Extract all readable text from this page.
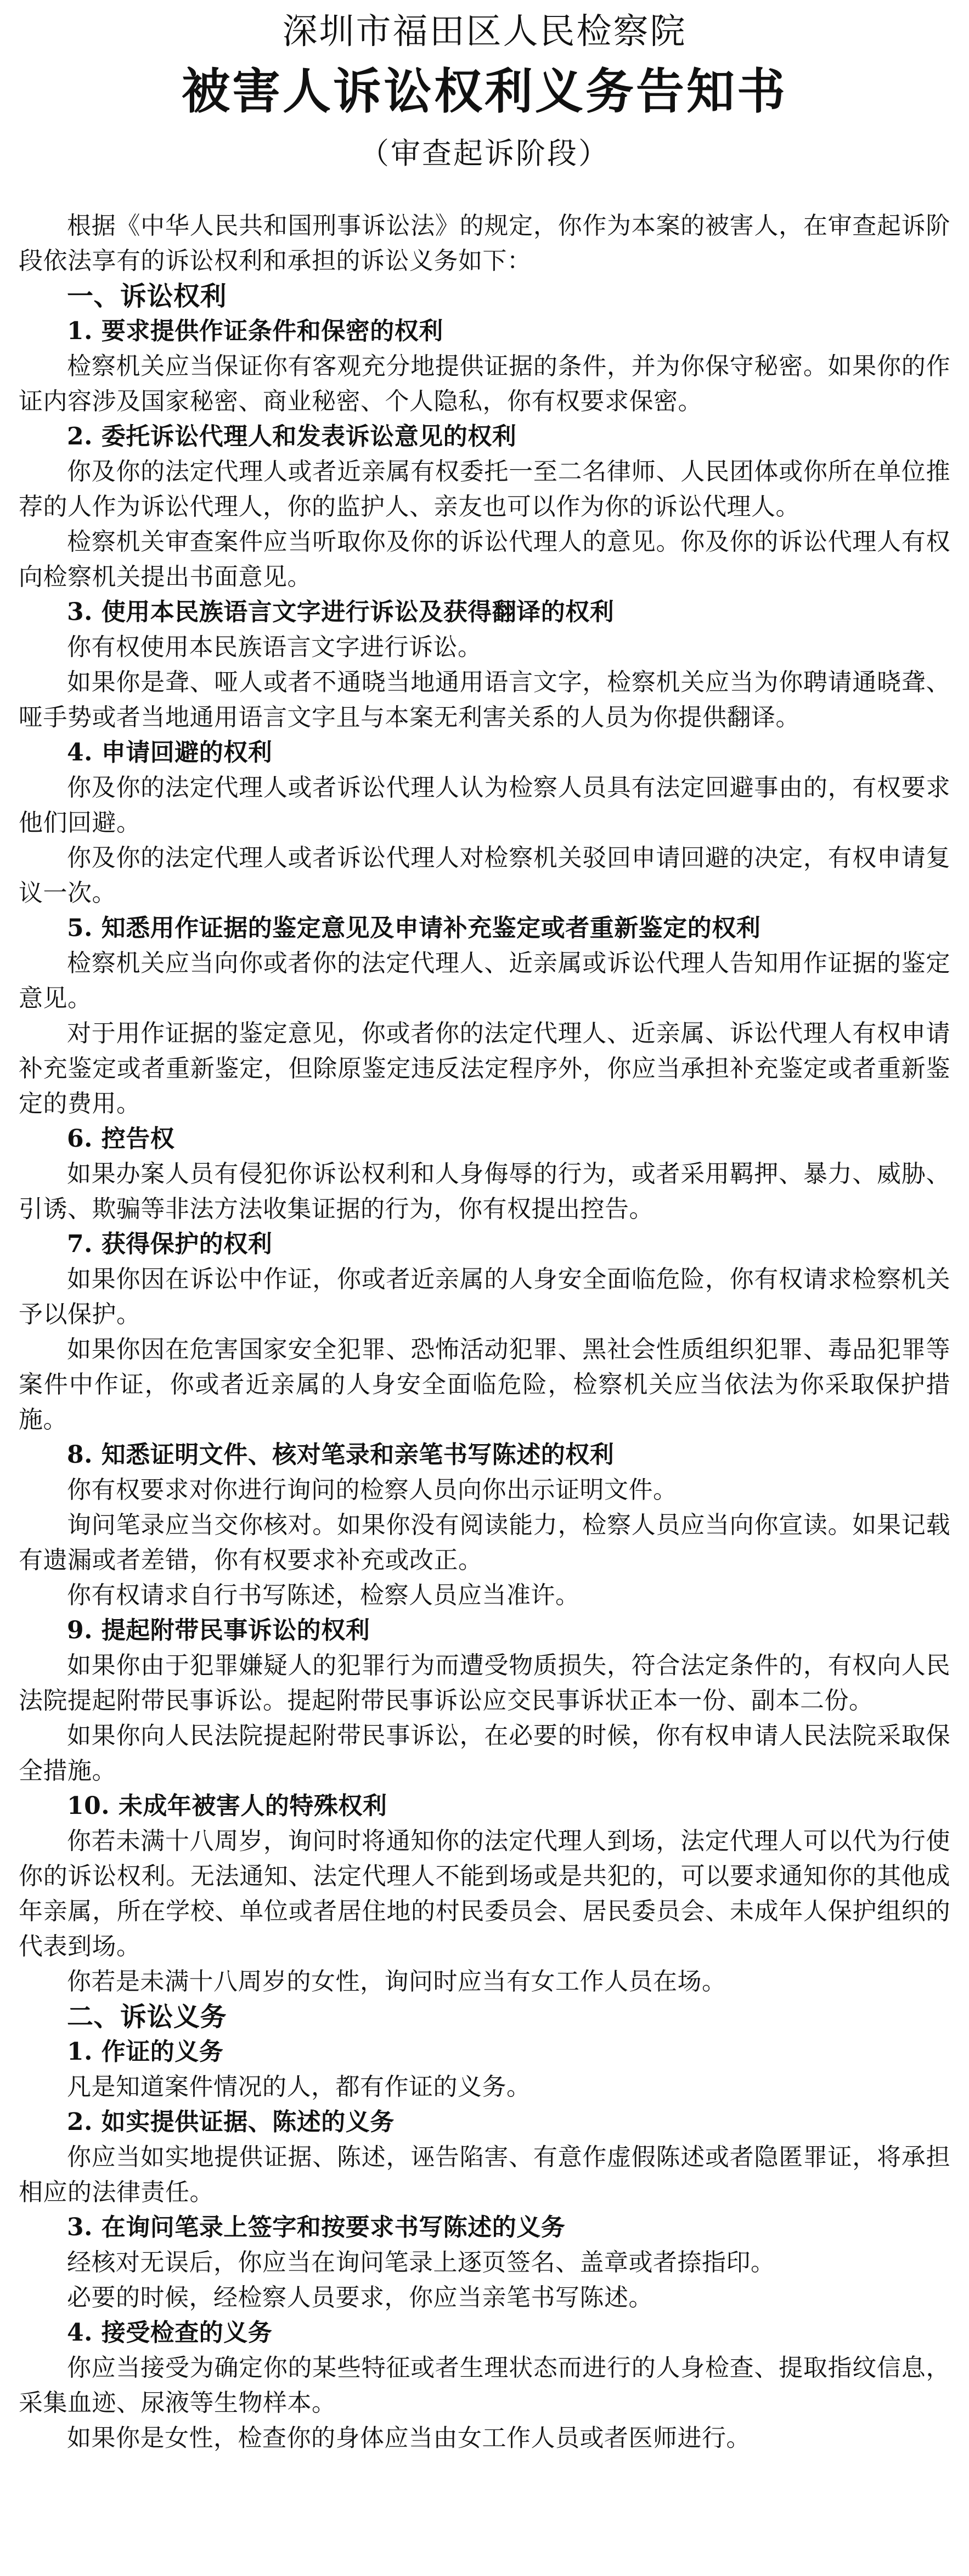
深圳市福田区人民检察院
被害人诉讼权利义务告知书
（审查起诉阶段）

根据《中华人民共和国刑事诉讼法》的规定，你作为本案的被害人，在审查起诉阶段依法享有的诉讼权利和承担的诉讼义务如下：

一、诉讼权利

1. 要求提供作证条件和保密的权利

检察机关应当保证你有客观充分地提供证据的条件，并为你保守秘密。如果你的作证内容涉及国家秘密、商业秘密、个人隐私，你有权要求保密。

2. 委托诉讼代理人和发表诉讼意见的权利

你及你的法定代理人或者近亲属有权委托一至二名律师、人民团体或你所在单位推荐的人作为诉讼代理人，你的监护人、亲友也可以作为你的诉讼代理人。

检察机关审查案件应当听取你及你的诉讼代理人的意见。你及你的诉讼代理人有权向检察机关提出书面意见。

3. 使用本民族语言文字进行诉讼及获得翻译的权利

你有权使用本民族语言文字进行诉讼。

如果你是聋、哑人或者不通晓当地通用语言文字，检察机关应当为你聘请通晓聋、哑手势或者当地通用语言文字且与本案无利害关系的人员为你提供翻译。

4. 申请回避的权利

你及你的法定代理人或者诉讼代理人认为检察人员具有法定回避事由的，有权要求他们回避。

你及你的法定代理人或者诉讼代理人对检察机关驳回申请回避的决定，有权申请复议一次。

5. 知悉用作证据的鉴定意见及申请补充鉴定或者重新鉴定的权利

检察机关应当向你或者你的法定代理人、近亲属或诉讼代理人告知用作证据的鉴定意见。

对于用作证据的鉴定意见，你或者你的法定代理人、近亲属、诉讼代理人有权申请补充鉴定或者重新鉴定，但除原鉴定违反法定程序外，你应当承担补充鉴定或者重新鉴定的费用。

6. 控告权

如果办案人员有侵犯你诉讼权利和人身侮辱的行为，或者采用羁押、暴力、威胁、引诱、欺骗等非法方法收集证据的行为，你有权提出控告。

7. 获得保护的权利

如果你因在诉讼中作证，你或者近亲属的人身安全面临危险，你有权请求检察机关予以保护。

如果你因在危害国家安全犯罪、恐怖活动犯罪、黑社会性质组织犯罪、毒品犯罪等案件中作证，你或者近亲属的人身安全面临危险，检察机关应当依法为你采取保护措施。

8. 知悉证明文件、核对笔录和亲笔书写陈述的权利

你有权要求对你进行询问的检察人员向你出示证明文件。

询问笔录应当交你核对。如果你没有阅读能力，检察人员应当向你宣读。如果记载有遗漏或者差错，你有权要求补充或改正。

你有权请求自行书写陈述，检察人员应当准许。

9. 提起附带民事诉讼的权利

如果你由于犯罪嫌疑人的犯罪行为而遭受物质损失，符合法定条件的，有权向人民法院提起附带民事诉讼。提起附带民事诉讼应交民事诉状正本一份、副本二份。

如果你向人民法院提起附带民事诉讼，在必要的时候，你有权申请人民法院采取保全措施。

10. 未成年被害人的特殊权利

你若未满十八周岁，询问时将通知你的法定代理人到场，法定代理人可以代为行使你的诉讼权利。无法通知、法定代理人不能到场或是共犯的，可以要求通知你的其他成年亲属，所在学校、单位或者居住地的村民委员会、居民委员会、未成年人保护组织的代表到场。

你若是未满十八周岁的女性，询问时应当有女工作人员在场。

二、诉讼义务

1. 作证的义务

凡是知道案件情况的人，都有作证的义务。

2. 如实提供证据、陈述的义务

你应当如实地提供证据、陈述，诬告陷害、有意作虚假陈述或者隐匿罪证，将承担相应的法律责任。

3. 在询问笔录上签字和按要求书写陈述的义务

经核对无误后，你应当在询问笔录上逐页签名、盖章或者捺指印。

必要的时候，经检察人员要求，你应当亲笔书写陈述。

4. 接受检查的义务

你应当接受为确定你的某些特征或者生理状态而进行的人身检查、提取指纹信息，采集血迹、尿液等生物样本。

如果你是女性，检查你的身体应当由女工作人员或者医师进行。
